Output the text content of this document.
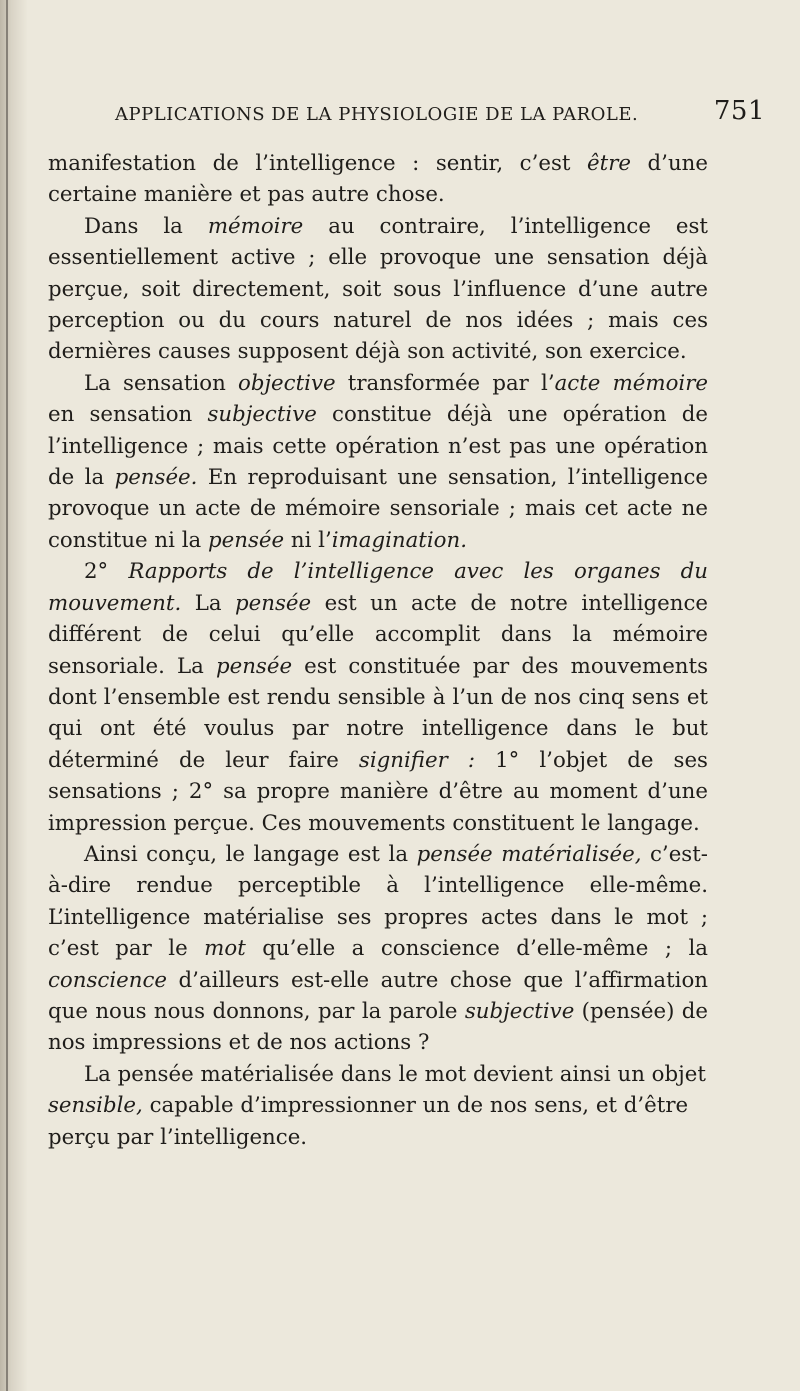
APPLICATIONS DE LA PHYSIOLOGIE DE LA PAROLE.	751

manifestation de l’intelligence : sentir, c’est être d’une certaine manière et pas autre chose.

Dans la mémoire au contraire, l’intelligence est essentiellement active ; elle provoque une sensation déjà perçue, soit directement, soit sous l’influence d’une autre perception ou du cours naturel de nos idées ; mais ces dernières causes supposent déjà son activité, son exercice.

La sensation objective transformée par l’acte mémoire en sensation subjective constitue déjà une opération de l’intelligence ; mais cette opération n’est pas une opération de la pensée. En reproduisant une sensation, l’intelligence provoque un acte de mémoire sensoriale ; mais cet acte ne constitue ni la pensée ni l’imagination.

2° Rapports de l’intelligence avec les organes du mouvement. La pensée est un acte de notre intelligence différent de celui qu’elle accomplit dans la mémoire sensoriale. La pensée est constituée par des mouvements dont l’ensemble est rendu sensible à l’un de nos cinq sens et qui ont été voulus par notre intelligence dans le but déterminé de leur faire signifier : 1° l’objet de ses sensations ; 2° sa propre manière d’être au moment d’une impression perçue. Ces mouvements constituent le langage.

Ainsi conçu, le langage est la pensée matérialisée, c’est-à-dire rendue perceptible à l’intelligence elle-même. L’intelligence matérialise ses propres actes dans le mot ; c’est par le mot qu’elle a conscience d’elle-même ; la conscience d’ailleurs est-elle autre chose que l’affirmation que nous nous donnons, par la parole subjective (pensée) de nos impressions et de nos actions ?

La pensée matérialisée dans le mot devient ainsi un objet sensible, capable d’impressionner un de nos sens, et d’être perçu par l’intelligence.
